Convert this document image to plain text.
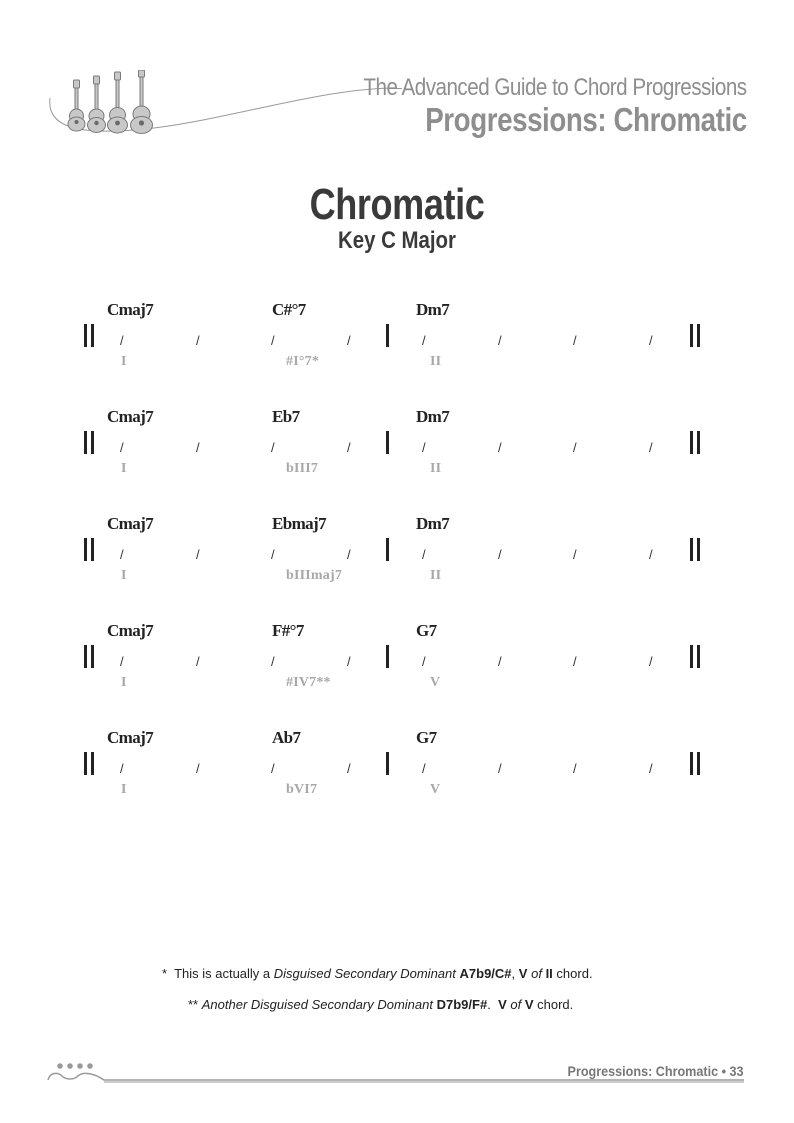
The Advanced Guide to Chord Progressions
Progressions: Chromatic
Chromatic
Key C Major
Cmaj7	C#°7	Dm7
/	/	/	/	/	/	/	/
I	#I°7*	II
Cmaj7	Eb7	Dm7
/	/	/	/	/	/	/	/
I	bIII7	II
Cmaj7	Ebmaj7	Dm7
/	/	/	/	/	/	/	/
I	bIIImaj7	II
Cmaj7	F#°7	G7
/	/	/	/	/	/	/	/
I	#IV7**	V
Cmaj7	Ab7	G7
/	/	/	/	/	/	/	/
I	bVI7	V
* This is actually a Disguised Secondary Dominant A7b9/C#, V of II chord.
** Another Disguised Secondary Dominant D7b9/F#. V of V chord.
Progressions: Chromatic • 33
